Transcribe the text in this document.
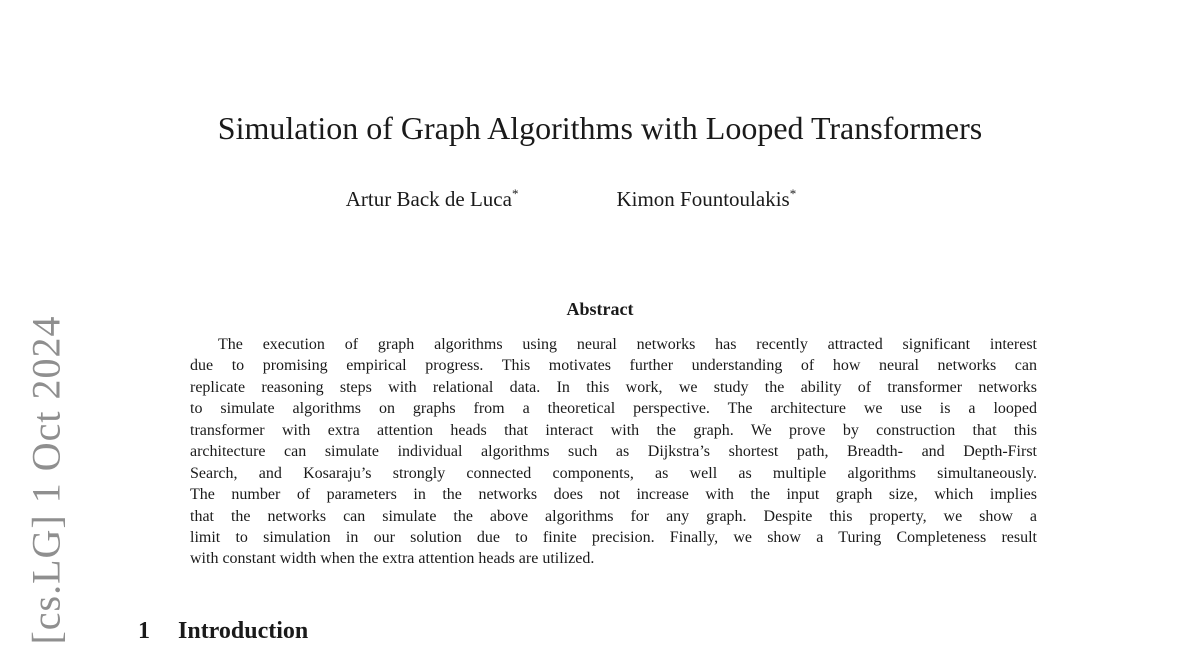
[cs.LG] 1 Oct 2024
Simulation of Graph Algorithms with Looped Transformers
Artur Back de Luca*	Kimon Fountoulakis*
Abstract
The execution of graph algorithms using neural networks has recently attracted significant interest
due to promising empirical progress. This motivates further understanding of how neural networks can
replicate reasoning steps with relational data. In this work, we study the ability of transformer networks
to simulate algorithms on graphs from a theoretical perspective. The architecture we use is a looped
transformer with extra attention heads that interact with the graph. We prove by construction that this
architecture can simulate individual algorithms such as Dijkstra’s shortest path, Breadth- and Depth-First
Search, and Kosaraju’s strongly connected components, as well as multiple algorithms simultaneously.
The number of parameters in the networks does not increase with the input graph size, which implies
that the networks can simulate the above algorithms for any graph. Despite this property, we show a
limit to simulation in our solution due to finite precision. Finally, we show a Turing Completeness result
with constant width when the extra attention heads are utilized.
1 Introduction
